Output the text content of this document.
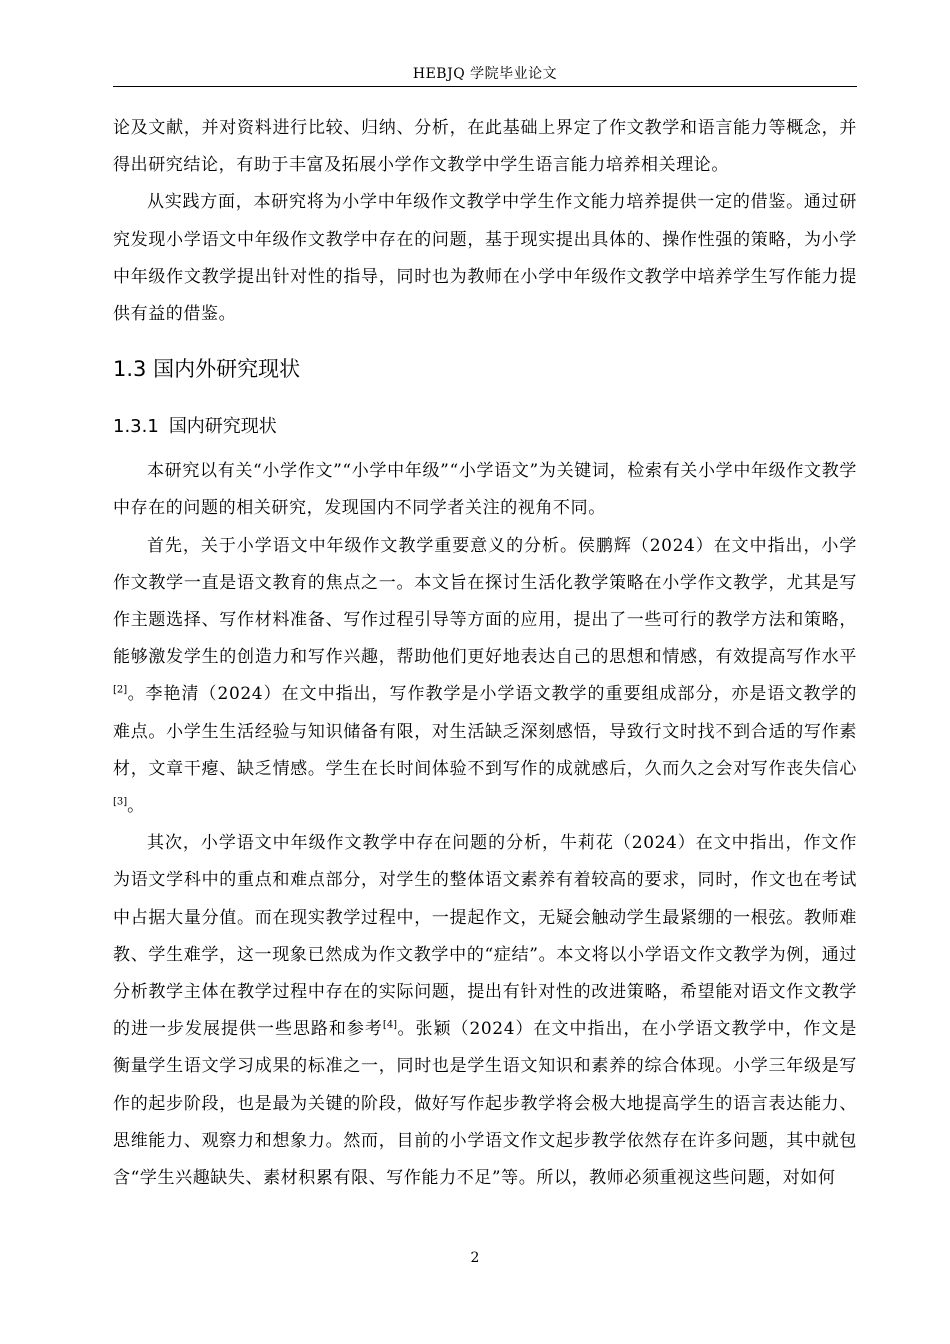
HEBJQ 学院毕业论文

论及文献，并对资料进行比较、归纳、分析，在此基础上界定了作文教学和语言能力等概念，并得出研究结论，有助于丰富及拓展小学作文教学中学生语言能力培养相关理论。

从实践方面，本研究将为小学中年级作文教学中学生作文能力培养提供一定的借鉴。通过研究发现小学语文中年级作文教学中存在的问题，基于现实提出具体的、操作性强的策略，为小学中年级作文教学提出针对性的指导，同时也为教师在小学中年级作文教学中培养学生写作能力提供有益的借鉴。

1.3 国内外研究现状
1.3.1 国内研究现状

本研究以有关“小学作文”“小学中年级”“小学语文”为关键词，检索有关小学中年级作文教学中存在的问题的相关研究，发现国内不同学者关注的视角不同。

首先，关于小学语文中年级作文教学重要意义的分析。侯鹏辉（2024）在文中指出，小学作文教学一直是语文教育的焦点之一。本文旨在探讨生活化教学策略在小学作文教学，尤其是写作主题选择、写作材料准备、写作过程引导等方面的应用，提出了一些可行的教学方法和策略，能够激发学生的创造力和写作兴趣，帮助他们更好地表达自己的思想和情感，有效提高写作水平[2]。李艳清（2024）在文中指出，写作教学是小学语文教学的重要组成部分，亦是语文教学的难点。小学生生活经验与知识储备有限，对生活缺乏深刻感悟，导致行文时找不到合适的写作素材，文章干瘪、缺乏情感。学生在长时间体验不到写作的成就感后，久而久之会对写作丧失信心[3]。

其次，小学语文中年级作文教学中存在问题的分析，牛莉花（2024）在文中指出，作文作为语文学科中的重点和难点部分，对学生的整体语文素养有着较高的要求，同时，作文也在考试中占据大量分值。而在现实教学过程中，一提起作文，无疑会触动学生最紧绷的一根弦。教师难教、学生难学，这一现象已然成为作文教学中的“症结”。本文将以小学语文作文教学为例，通过分析教学主体在教学过程中存在的实际问题，提出有针对性的改进策略，希望能对语文作文教学的进一步发展提供一些思路和参考[4]。张颖（2024）在文中指出，在小学语文教学中，作文是衡量学生语文学习成果的标准之一，同时也是学生语文知识和素养的综合体现。小学三年级是写作的起步阶段，也是最为关键的阶段，做好写作起步教学将会极大地提高学生的语言表达能力、思维能力、观察力和想象力。然而，目前的小学语文作文起步教学依然存在许多问题，其中就包含“学生兴趣缺失、素材积累有限、写作能力不足”等。所以，教师必须重视这些问题，对如何

2
